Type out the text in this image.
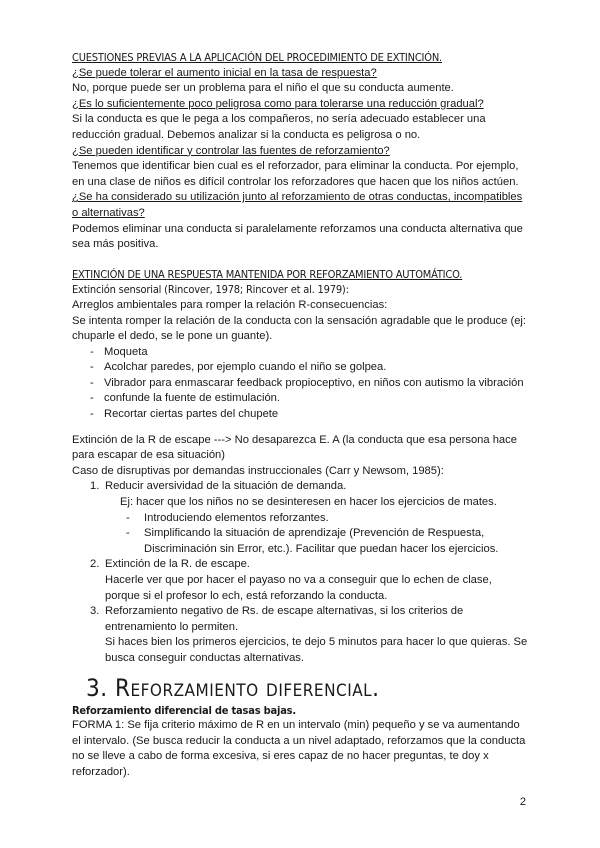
CUESTIONES PREVIAS A LA APLICACIÓN DEL PROCEDIMIENTO DE EXTINCIÓN.
¿Se puede tolerar el aumento inicial en la tasa de respuesta?
No, porque puede ser un problema para el niño el que su conducta aumente.
¿Es lo suficientemente poco peligrosa como para tolerarse una reducción gradual?
Si la conducta es que le pega a los compañeros, no sería adecuado establecer una
reducción gradual. Debemos analizar si la conducta es peligrosa o no.
¿Se pueden identificar y controlar las fuentes de reforzamiento?
Tenemos que identificar bien cual es el reforzador, para eliminar la conducta. Por ejemplo,
en una clase de niños es difícil controlar los reforzadores que hacen que los niños actúen.
¿Se ha considerado su utilización junto al reforzamiento de otras conductas, incompatibles
o alternativas?
Podemos eliminar una conducta si paralelamente reforzamos una conducta alternativa que
sea más positiva.
EXTINCIÓN DE UNA RESPUESTA MANTENIDA POR REFORZAMIENTO AUTOMÁTICO.
Extinción sensorial (Rincover, 1978; Rincover et al. 1979):
Arreglos ambientales para romper la relación R-consecuencias:
Se intenta romper la relación de la conducta con la sensación agradable que le produce (ej:
chuparle el dedo, se le pone un guante).
- Moqueta
- Acolchar paredes, por ejemplo cuando el niño se golpea.
- Vibrador para enmascarar feedback propioceptivo, en niños con autismo la vibración
- confunde la fuente de estimulación.
- Recortar ciertas partes del chupete
Extinción de la R de escape ---> No desaparezca E. A (la conducta que esa persona hace
para escapar de esa situación)
Caso de disruptivas por demandas instruccionales (Carr y Newsom, 1985):
1. Reducir aversividad de la situación de demanda.
Ej: hacer que los niños no se desinteresen en hacer los ejercicios de mates.
- Introduciendo elementos reforzantes.
- Simplificando la situación de aprendizaje (Prevención de Respuesta,
Discriminación sin Error, etc.). Facilitar que puedan hacer los ejercicios.
2. Extinción de la R. de escape.
Hacerle ver que por hacer el payaso no va a conseguir que lo echen de clase,
porque si el profesor lo ech, está reforzando la conducta.
3. Reforzamiento negativo de Rs. de escape alternativas, si los criterios de
entrenamiento lo permiten.
Si haces bien los primeros ejercicios, te dejo 5 minutos para hacer lo que quieras. Se
busca conseguir conductas alternativas.
3. Reforzamiento diferencial.
Reforzamiento diferencial de tasas bajas.
FORMA 1: Se fija criterio máximo de R en un intervalo (min) pequeño y se va aumentando
el intervalo. (Se busca reducir la conducta a un nivel adaptado, reforzamos que la conducta
no se lleve a cabo de forma excesiva, si eres capaz de no hacer preguntas, te doy x
reforzador).
2
